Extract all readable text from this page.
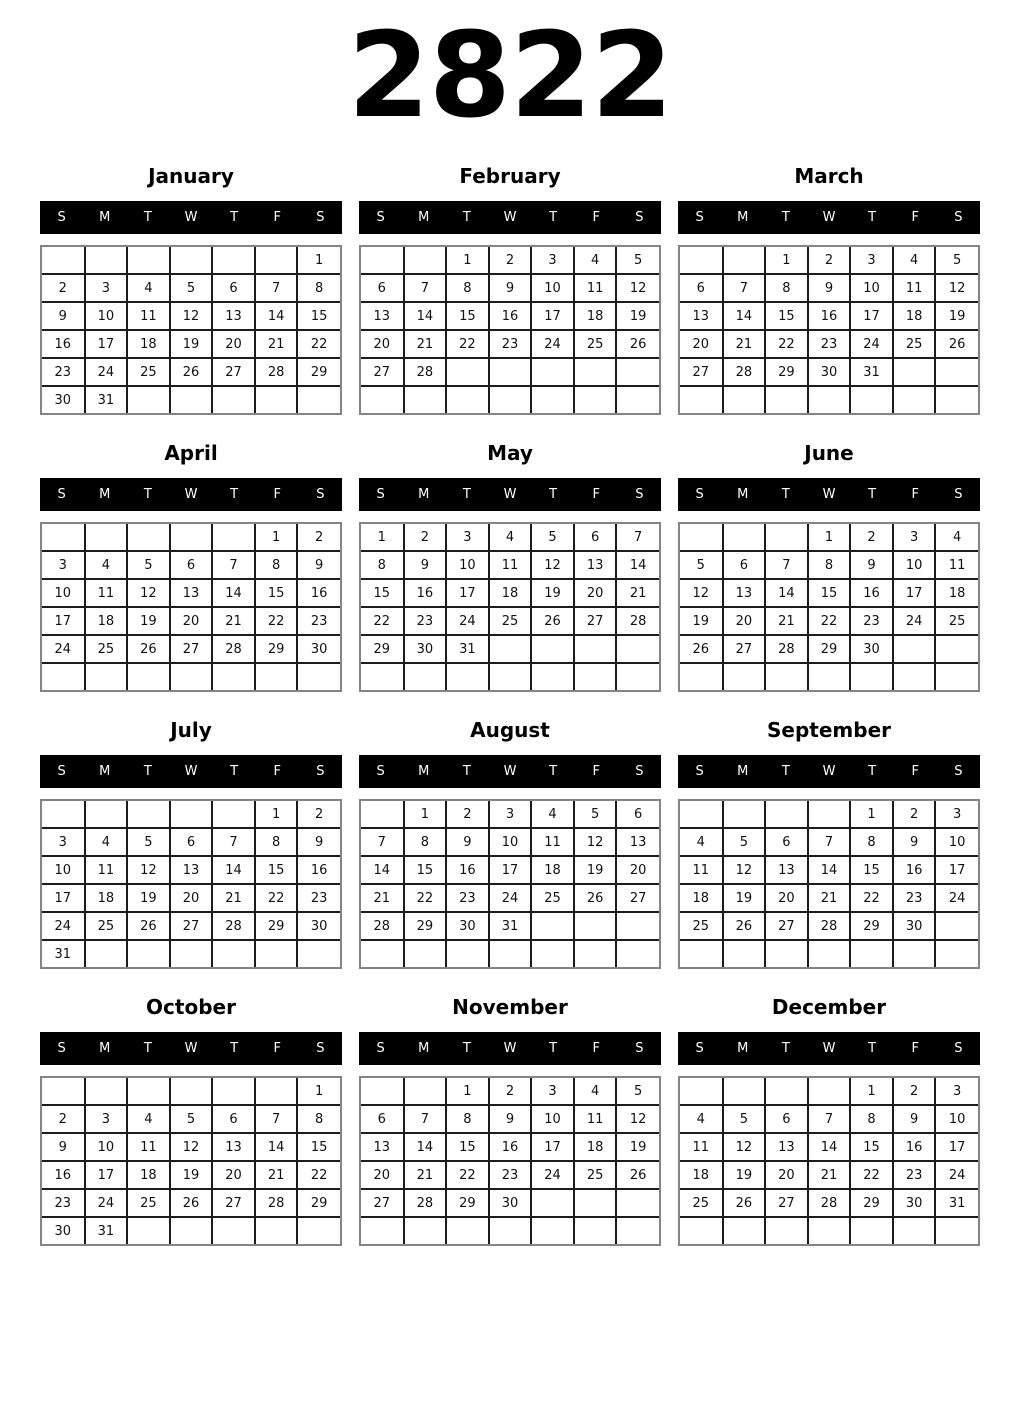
2822
January
S	M	T	W	T	F	S
						1
2	3	4	5	6	7	8
9	10	11	12	13	14	15
16	17	18	19	20	21	22
23	24	25	26	27	28	29
30	31					
February
S	M	T	W	T	F	S
		1	2	3	4	5
6	7	8	9	10	11	12
13	14	15	16	17	18	19
20	21	22	23	24	25	26
27	28					

March
S	M	T	W	T	F	S
		1	2	3	4	5
6	7	8	9	10	11	12
13	14	15	16	17	18	19
20	21	22	23	24	25	26
27	28	29	30	31		

April
S	M	T	W	T	F	S
					1	2
3	4	5	6	7	8	9
10	11	12	13	14	15	16
17	18	19	20	21	22	23
24	25	26	27	28	29	30

May
S	M	T	W	T	F	S
1	2	3	4	5	6	7
8	9	10	11	12	13	14
15	16	17	18	19	20	21
22	23	24	25	26	27	28
29	30	31				

June
S	M	T	W	T	F	S
			1	2	3	4
5	6	7	8	9	10	11
12	13	14	15	16	17	18
19	20	21	22	23	24	25
26	27	28	29	30		

July
S	M	T	W	T	F	S
					1	2
3	4	5	6	7	8	9
10	11	12	13	14	15	16
17	18	19	20	21	22	23
24	25	26	27	28	29	30
31						
August
S	M	T	W	T	F	S
	1	2	3	4	5	6
7	8	9	10	11	12	13
14	15	16	17	18	19	20
21	22	23	24	25	26	27
28	29	30	31			

September
S	M	T	W	T	F	S
				1	2	3
4	5	6	7	8	9	10
11	12	13	14	15	16	17
18	19	20	21	22	23	24
25	26	27	28	29	30	

October
S	M	T	W	T	F	S
						1
2	3	4	5	6	7	8
9	10	11	12	13	14	15
16	17	18	19	20	21	22
23	24	25	26	27	28	29
30	31					
November
S	M	T	W	T	F	S
		1	2	3	4	5
6	7	8	9	10	11	12
13	14	15	16	17	18	19
20	21	22	23	24	25	26
27	28	29	30			

December
S	M	T	W	T	F	S
				1	2	3
4	5	6	7	8	9	10
11	12	13	14	15	16	17
18	19	20	21	22	23	24
25	26	27	28	29	30	31
